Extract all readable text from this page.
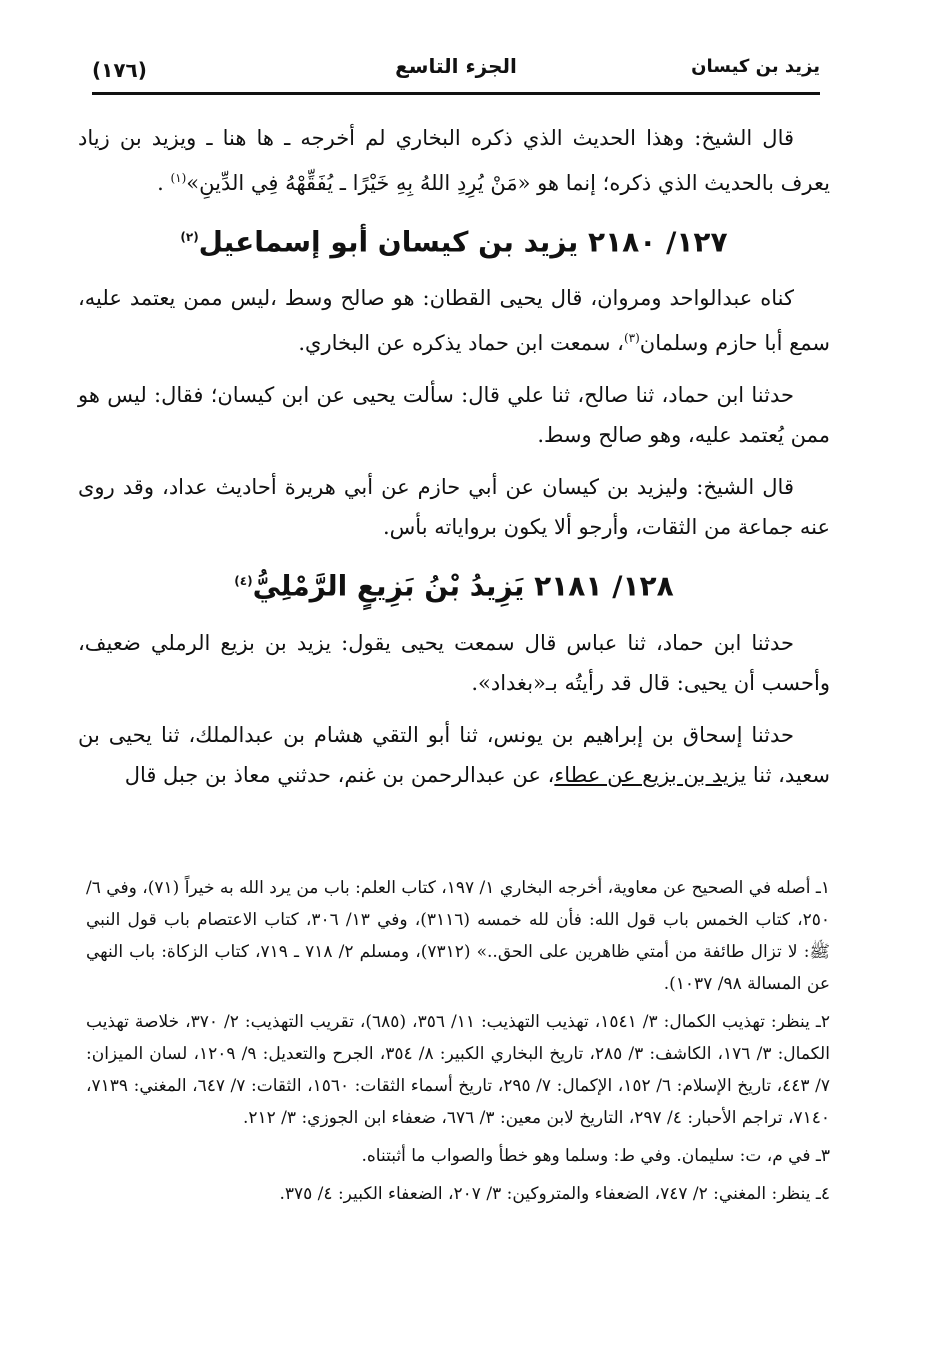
يزيد بن كيسان
الجزء التاسع
(١٧٦)

قال الشيخ: وهذا الحديث الذي ذكره البخاري لم أخرجه ـ ها هنا ـ ويزيد بن زياد يعرف بالحديث الذي ذكره؛ إنما هو «مَنْ يُرِدِ اللهُ بِهِ خَيْرًا ـ يُفَقِّهْهُ فِي الدِّينِ»$^{(١)}$ .

١٢٧/ ٢١٨٠ يزيد بن كيسان أبو إسماعيل$^{(٢)}$

كناه عبدالواحد ومروان، قال يحيى القطان: هو صالح وسط ،ليس ممن يعتمد عليه، سمع أبا حازم وسلمان$^{(٣)}$، سمعت ابن حماد يذكره عن البخاري.

حدثنا ابن حماد، ثنا صالح، ثنا علي قال: سألت يحيى عن ابن كيسان؛ فقال: ليس هو ممن يُعتمد عليه، وهو صالح وسط.

قال الشيخ: وليزيد بن كيسان عن أبي حازم عن أبي هريرة أحاديث عداد، وقد روى عنه جماعة من الثقات، وأرجو ألا يكون برواياته بأس.

١٢٨/ ٢١٨١ يَزِيدُ بْنُ بَزِيعٍ الرَّمْلِيُّ$^{(٤)}$

حدثنا ابن حماد، ثنا عباس قال سمعت يحيى يقول: يزيد بن بزيع الرملي ضعيف، وأحسب أن يحيى: قال قد رأيتُه بـ«بغداد».

حدثنا إسحاق بن إبراهيم بن يونس، ثنا أبو التقي هشام بن عبدالملك، ثنا يحيى بن سعيد، ثنا يزيد بن بزيع عن عطاء، عن عبدالرحمن بن غنم، حدثني معاذ بن جبل قال

١ـ أصله في الصحيح عن معاوية، أخرجه البخاري ١/ ١٩٧، كتاب العلم: باب من يرد الله به خيراً (٧١)، وفي ٦/ ٢٥٠، كتاب الخمس باب قول الله: فأن لله خمسه (٣١١٦)، وفي ١٣/ ٣٠٦، كتاب الاعتصام باب قول النبي ﷺ: لا تزال طائفة من أمتي ظاهرين على الحق..» (٧٣١٢)، ومسلم ٢/ ٧١٨ ـ ٧١٩، كتاب الزكاة: باب النهي عن المسالة ٩٨/ ١٠٣٧).

٢ـ ينظر: تهذيب الكمال: ٣/ ١٥٤١، تهذيب التهذيب: ١١/ ٣٥٦، (٦٨٥)، تقريب التهذيب: ٢/ ٣٧٠، خلاصة تهذيب الكمال: ٣/ ١٧٦، الكاشف: ٣/ ٢٨٥، تاريخ البخاري الكبير: ٨/ ٣٥٤، الجرح والتعديل: ٩/ ١٢٠٩، لسان الميزان: ٧/ ٤٤٣، تاريخ الإسلام: ٦/ ١٥٢، الإكمال: ٧/ ٢٩٥، تاريخ أسماء الثقات: ١٥٦٠، الثقات: ٧/ ٦٤٧، المغني: ٧١٣٩، ٧١٤٠، تراجم الأحبار: ٤/ ٢٩٧، التاريخ لابن معين: ٣/ ٦٧٦، ضعفاء ابن الجوزي: ٣/ ٢١٢.

٣ـ في م، ت: سليمان. وفي ط: وسلما وهو خطأ والصواب ما أثبتناه.

٤ـ ينظر: المغني: ٢/ ٧٤٧، الضعفاء والمتروكين: ٣/ ٢٠٧، الضعفاء الكبير: ٤/ ٣٧٥.
